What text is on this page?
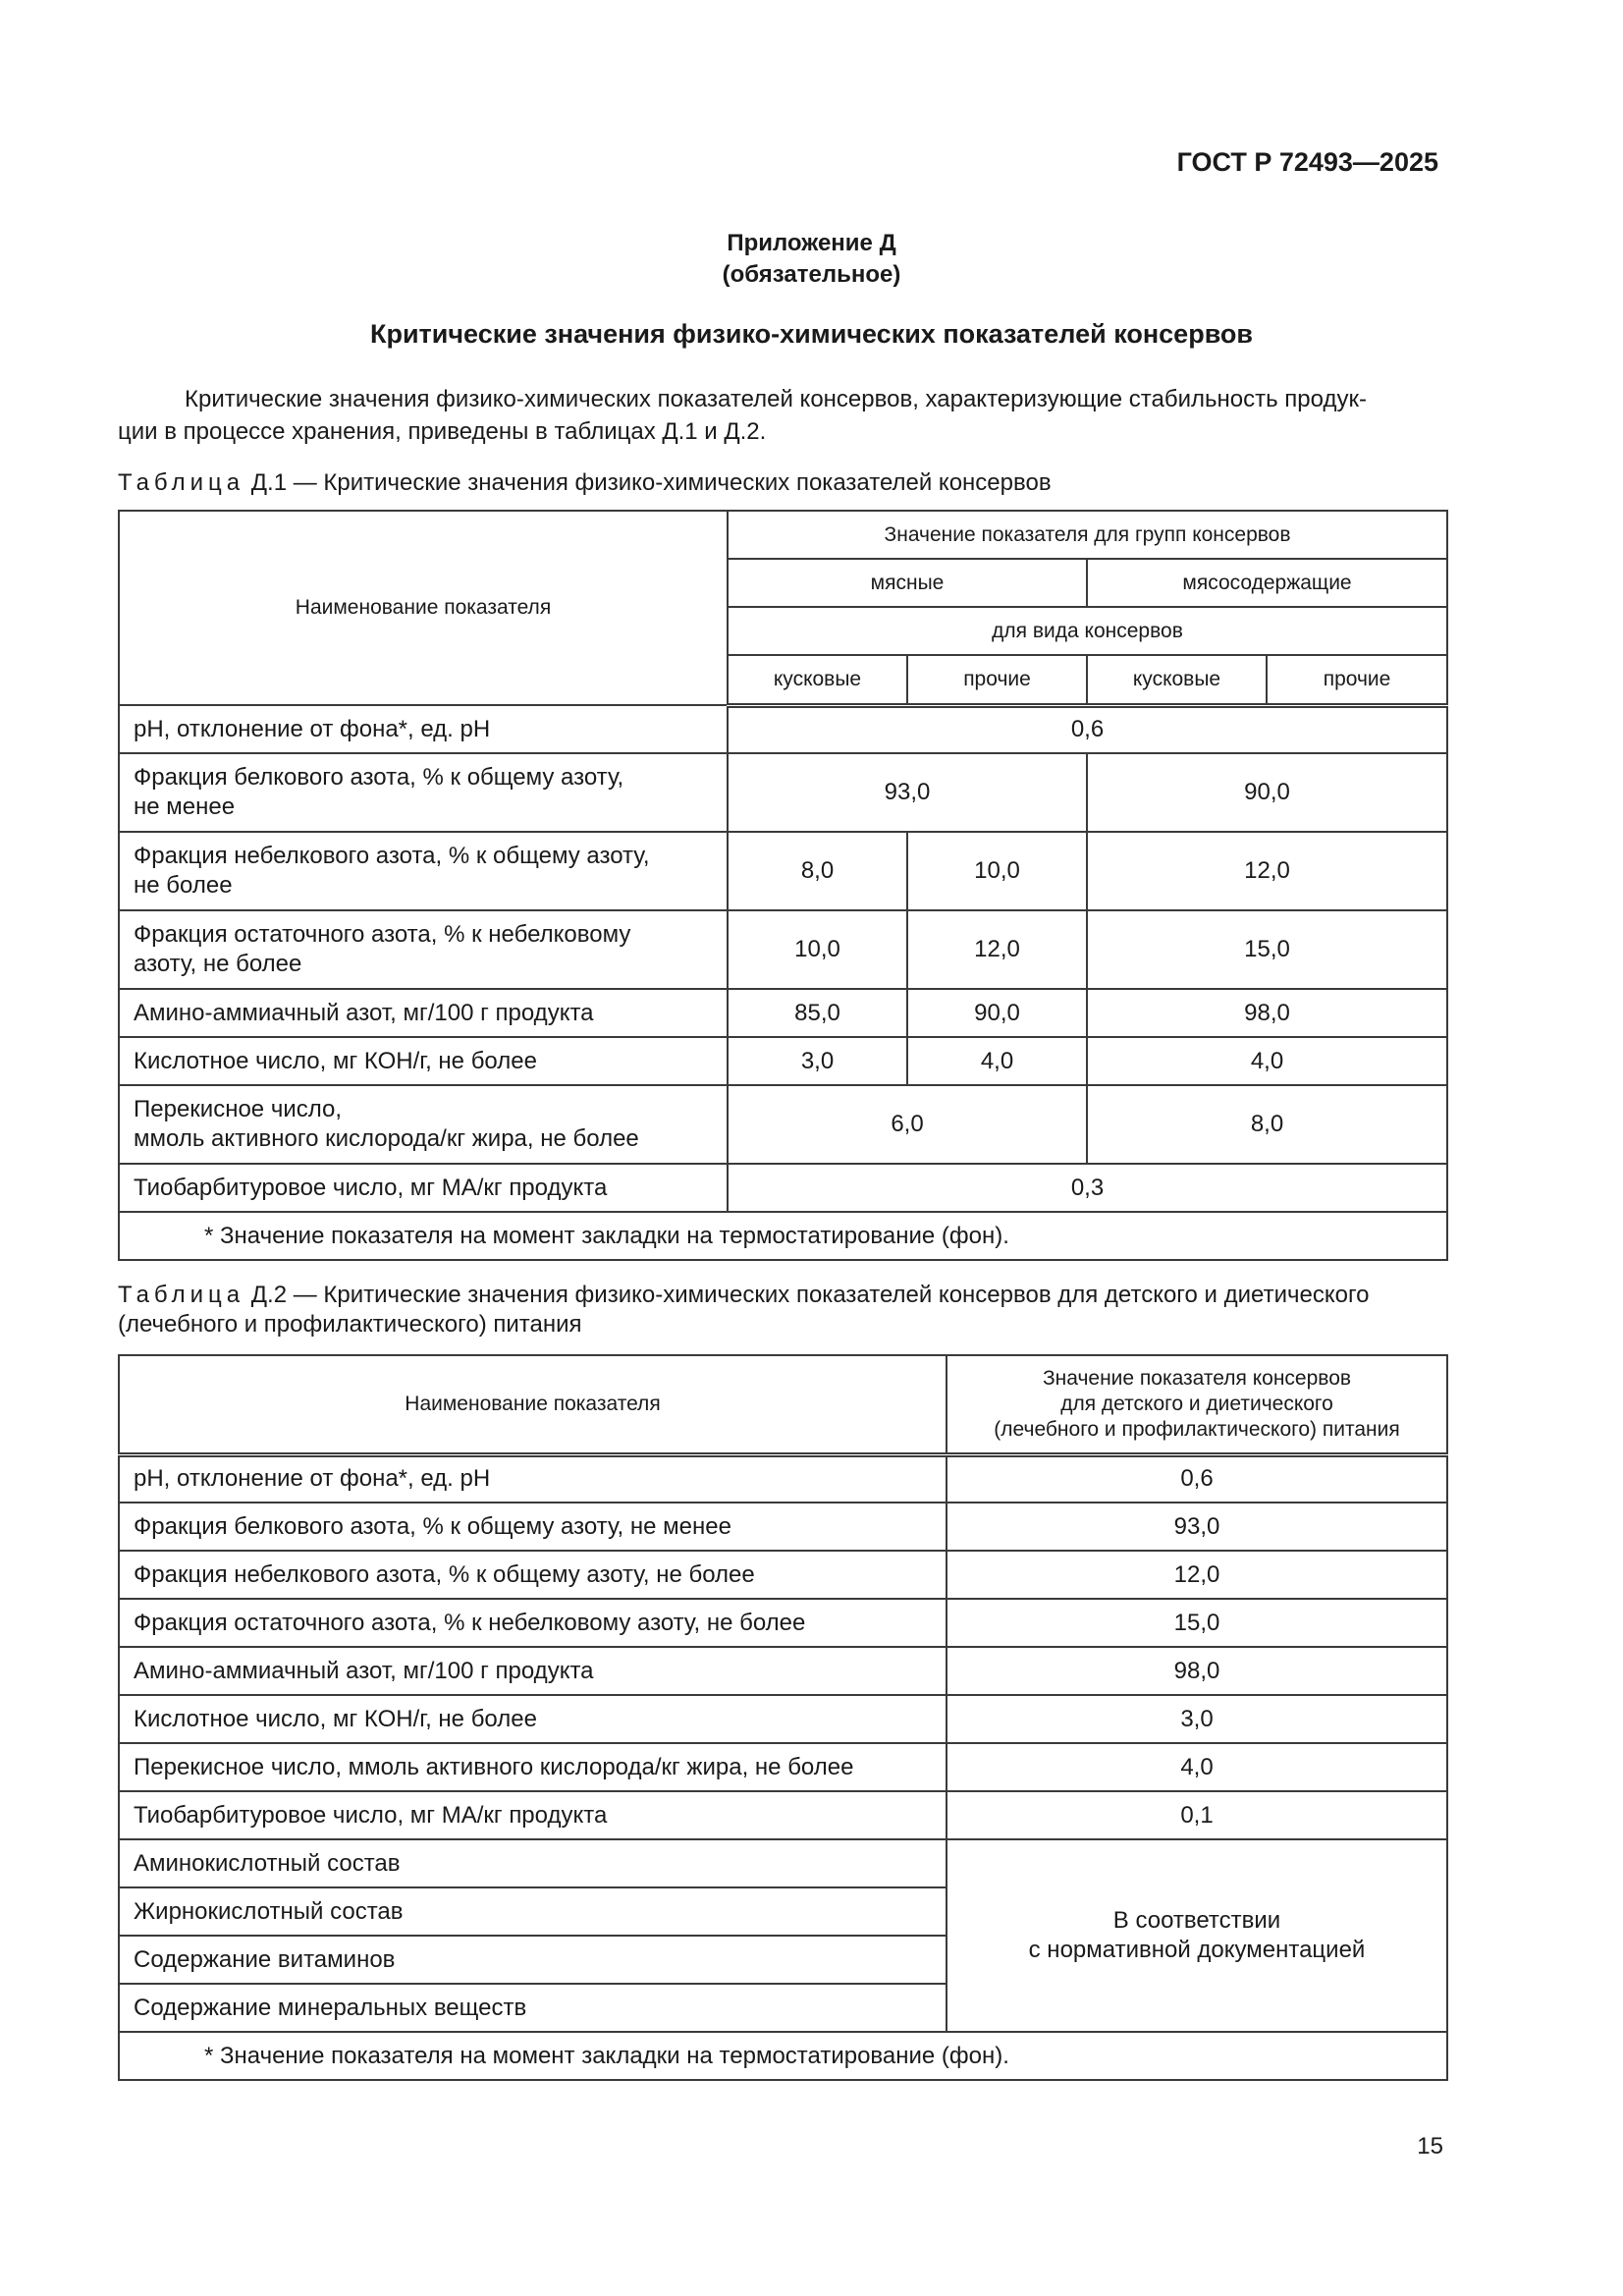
ГОСТ Р 72493—2025
Приложение Д
(обязательное)
Критические значения физико-химических показателей консервов
Критические значения физико-химических показателей консервов, характеризующие стабильность продук-
ции в процессе хранения, приведены в таблицах Д.1 и Д.2.
Таблица Д.1 — Критические значения физико-химических показателей консервов
Наименование показателя	Значение показателя для групп консервов			
	мясные		мясосодержащие	
	для вида консервов			
	кусковые	прочие	кусковые	прочие
pH, отклонение от фона*, ед. pH	0,6			

Фракция белкового азота, % к общему азоту,
не менее	93,0		90,0	

Фракция небелкового азота, % к общему азоту,
не более	8,0	10,0	12,0	

Фракция остаточного азота, % к небелковому
азоту, не более	10,0	12,0	15,0	
Амино-аммиачный азот, мг/100 г продукта	85,0	90,0	98,0	
Кислотное число, мг КОН/г, не более	3,0	4,0	4,0	

Перекисное число,
ммоль активного кислорода/кг жира, не более	6,0		8,0	
Тиобарбитуровое число, мг МА/кг продукта	0,3			
* Значение показателя на момент закладки на термостатирование (фон).				
Таблица Д.2 — Критические значения физико-химических показателей консервов для детского и диетического
(лечебного и профилактического) питания
Наименование показателя	Значение показателя консервов
для детского и диетического
(лечебного и профилактического) питания

pH, отклонение от фона*, ед. pH	0,6
Фракция белкового азота, % к общему азоту, не менее	93,0
Фракция небелкового азота, % к общему азоту, не более	12,0
Фракция остаточного азота, % к небелковому азоту, не более	15,0
Амино-аммиачный азот, мг/100 г продукта	98,0
Кислотное число, мг КОН/г, не более	3,0
Перекисное число, ммоль активного кислорода/кг жира, не более	4,0
Тиобарбитуровое число, мг МА/кг продукта	0,1
Аминокислотный состав	В соответствии
с нормативной документацией

Жирнокислотный состав	
Содержание витаминов	
Содержание минеральных веществ	
* Значение показателя на момент закладки на термостатирование (фон).	
15
